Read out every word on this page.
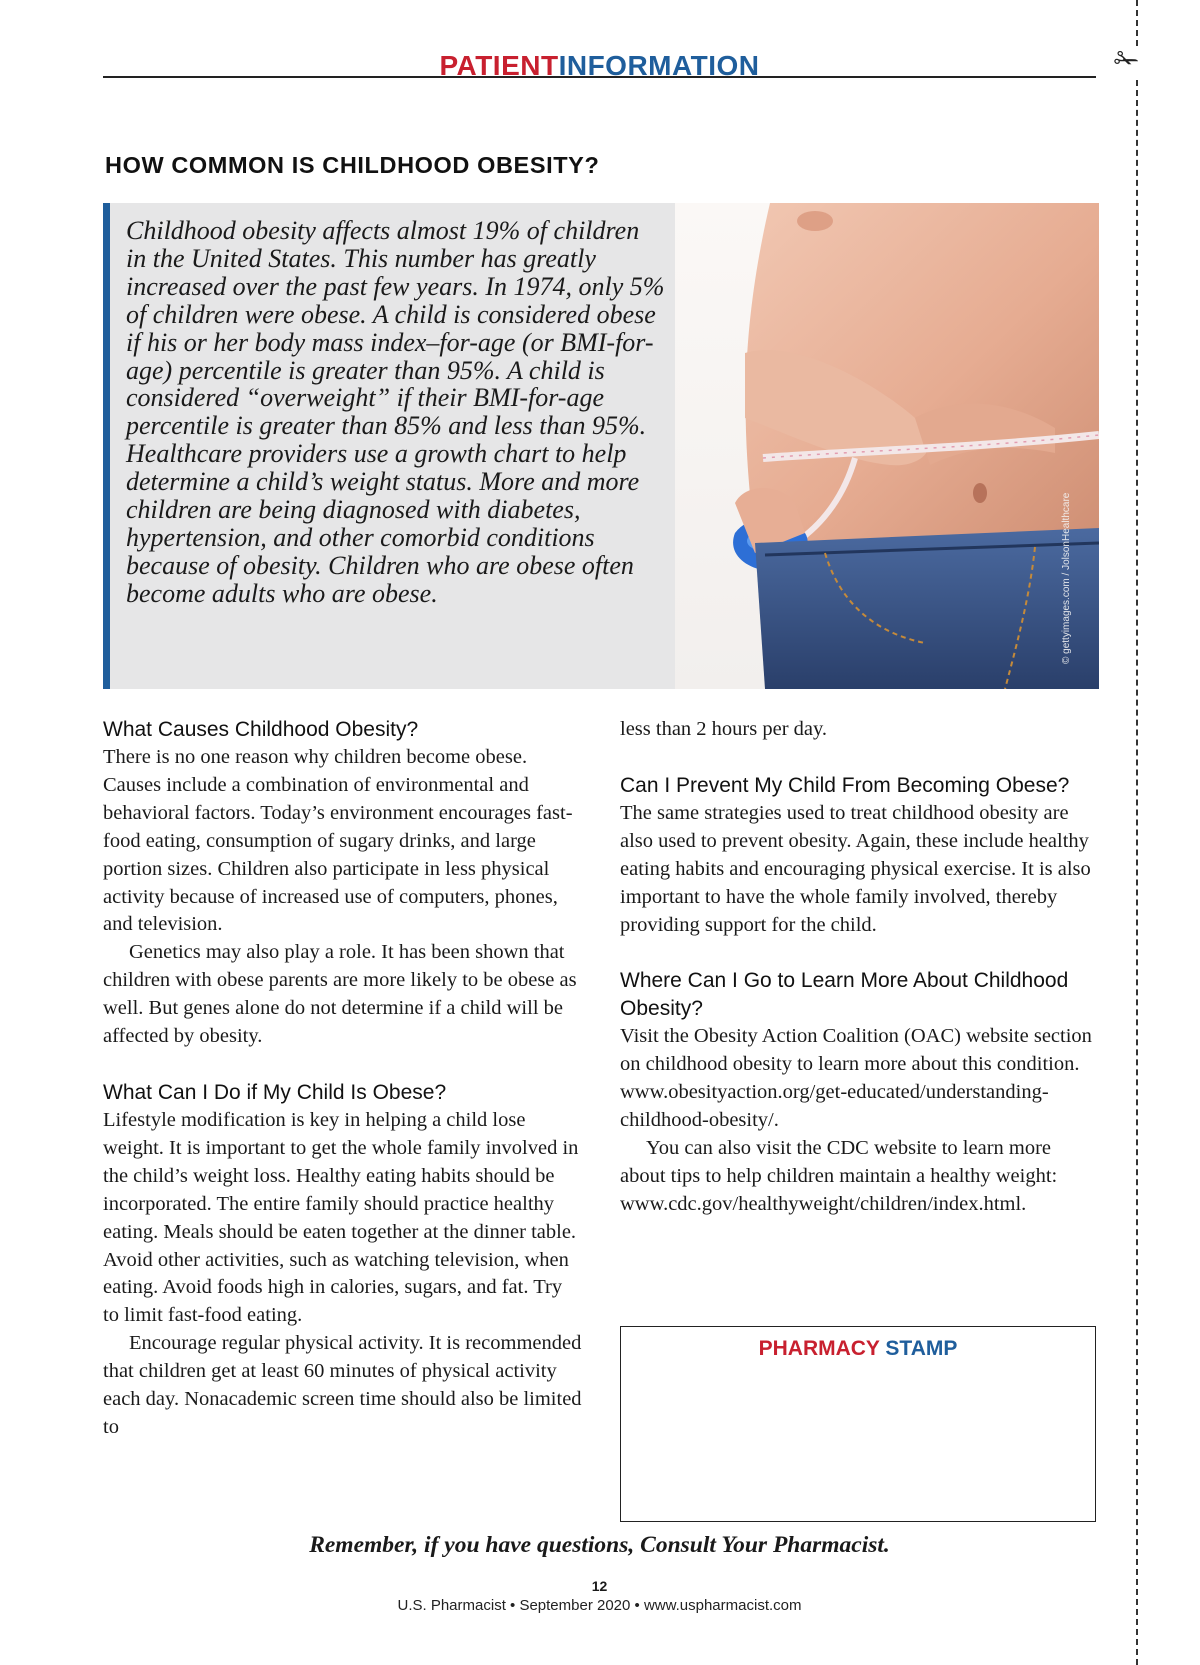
✁
PATIENTINFORMATION
HOW COMMON IS CHILDHOOD OBESITY?

Childhood obesity affects almost 19% of children in the United States. This number has greatly increased over the past few years. In 1974, only 5% of children were obese. A child is considered obese if his or her body mass index–for-age (or BMI-for-age) percentile is greater than 95%. A child is considered “overweight” if their BMI-for-age percentile is greater than 85% and less than 95%. Healthcare providers use a growth chart to help determine a child’s weight status. More and more children are being diagnosed with diabetes, hypertension, and other comorbid conditions because of obesity. Children who are obese often become adults who are obese.	© gettyimages.com / JolsonHealthcare
What Causes Childhood Obesity?

There is no one reason why children become obese. Causes include a combination of environmental and behavioral factors. Today’s environment encourages fast-food eating, consumption of sugary drinks, and large portion sizes. Children also participate in less physical activity because of increased use of computers, phones, and television.

Genetics may also play a role. It has been shown that children with obese parents are more likely to be obese as well. But genes alone do not determine if a child will be affected by obesity.

What Can I Do if My Child Is Obese?

Lifestyle modification is key in helping a child lose weight. It is important to get the whole family involved in the child’s weight loss. Healthy eating habits should be incorporated. The entire family should practice healthy eating. Meals should be eaten together at the dinner table. Avoid other activities, such as watching television, when eating. Avoid foods high in calories, sugars, and fat. Try to limit fast-food eating.

Encourage regular physical activity. It is recommended that children get at least 60 minutes of physical activity each day. Nonacademic screen time should also be limited to

less than 2 hours per day.

Can I Prevent My Child From Becoming Obese?

The same strategies used to treat childhood obesity are also used to prevent obesity. Again, these include healthy eating habits and encouraging physical exercise. It is also important to have the whole family involved, thereby providing support for the child.

Where Can I Go to Learn More About Childhood Obesity?

Visit the Obesity Action Coalition (OAC) website section on childhood obesity to learn more about this condition. www.obesityaction.org/get-educated/understanding-childhood-obesity/.

You can also visit the CDC website to learn more about tips to help children maintain a healthy weight: www.cdc.gov/healthyweight/children/index.html.

PHARMACY STAMP
Remember, if you have questions, Consult Your Pharmacist.
12
U.S. Pharmacist • September 2020 • www.uspharmacist.com
